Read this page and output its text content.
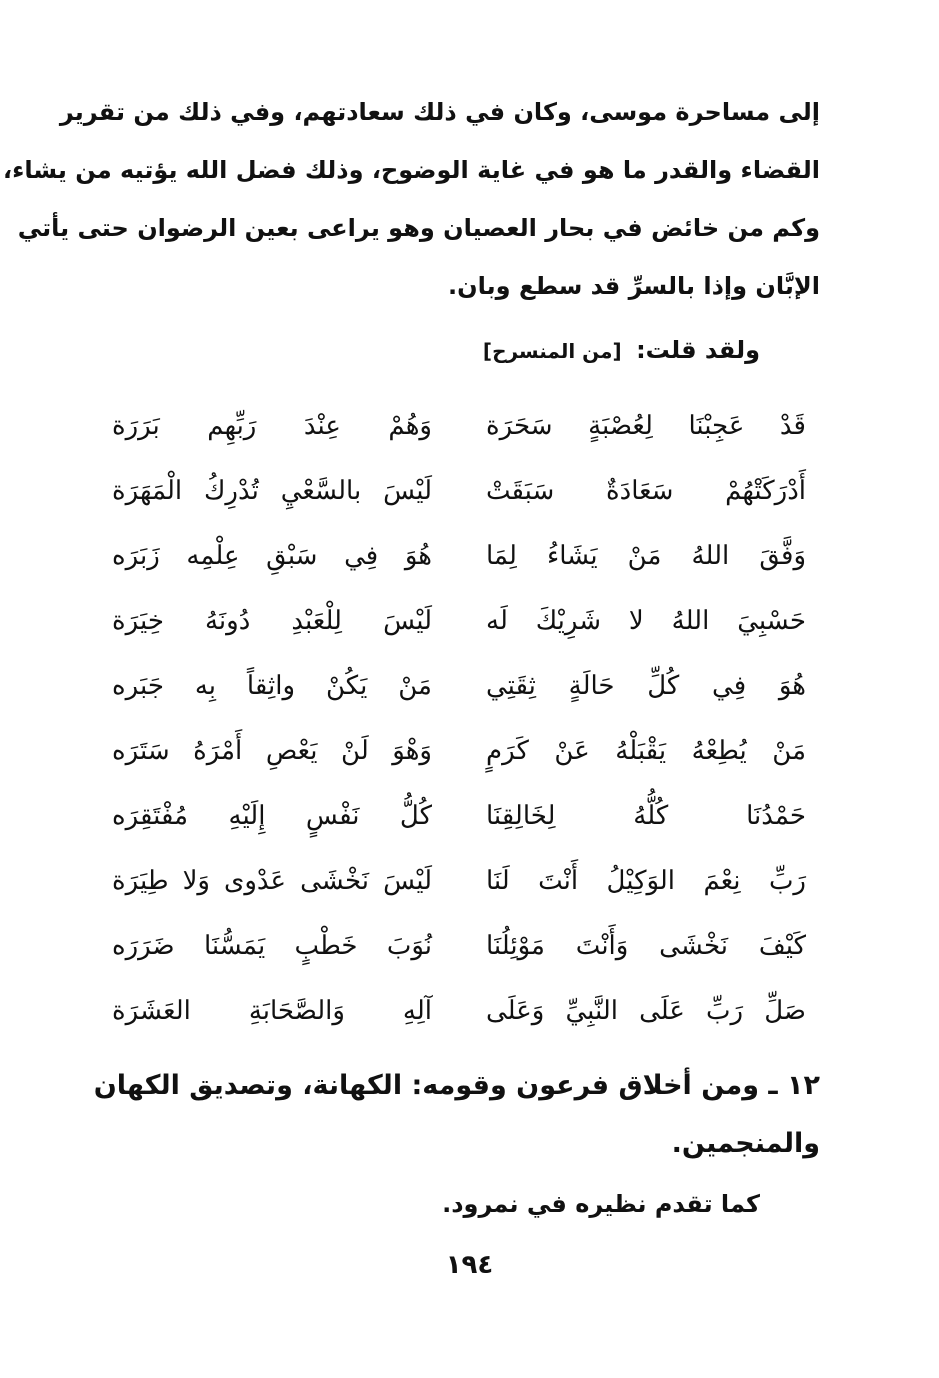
إلى مساحرة موسى، وكان في ذلك سعادتهم، وفي ذلك من تقرير
القضاء والقدر ما هو في غاية الوضوح، وذلك فضل الله يؤتيه من يشاء،
وكم من خائض في بحار العصيان وهو يراعى بعين الرضوان حتى يأتي
الإبَّان وإذا بالسرِّ قد سطع وبان.
ولقد قلت: [من المنسرح]
قَدْ عَجِبْنَا لِعُصْبَةٍ سَحَرَة
وَهُمْ عِنْدَ رَبِّهِم بَرَرَة
أَدْرَكَتْهُمْ سَعَادَةٌ سَبَقَتْ
لَيْسَ بالسَّعْيِ تُدْرِكُ الْمَهَرَة
وَفَّقَ اللهُ مَنْ يَشَاءُ لِمَا
هُوَ فِي سَبْقِ عِلْمِه زَبَرَه
حَسْبِيَ اللهُ لا شَرِيْكَ لَه
لَيْسَ لِلْعَبْدِ دُونَهُ خِيَرَة
هُوَ فِي كُلِّ حَالَةٍ ثِقَتِي
مَنْ يَكُنْ واثِقاً بِه جَبَره
مَنْ يُطِعْهُ يَقْبَلْهُ عَنْ كَرَمٍ
وَهْوَ لَنْ يَعْصِ أَمْرَهُ سَتَرَه
حَمْدُنَا كُلُّهُ لِخَالِقِنَا
كُلُّ نَفْسٍ إِلَيْهِ مُفْتَقِرَه
رَبِّ نِعْمَ الوَكِيْلُ أَنْتَ لَنَا
لَيْسَ نَخْشَى عَدْوى وَلا طِيَرَة
كَيْفَ نَخْشَى وَأَنْتَ مَوْئِلُنَا
نُوَبَ خَطْبٍ يَمَسُّنَا ضَرَرَه
صَلِّ رَبِّ عَلَى النَّبِيِّ وَعَلَى
آلِهِ وَالصَّحَابَةِ العَشَرَة
١٢ ـ ومن أخلاق فرعون وقومه: الكهانة، وتصديق الكهان
والمنجمين.
كما تقدم نظيره في نمرود.
١٩٤
